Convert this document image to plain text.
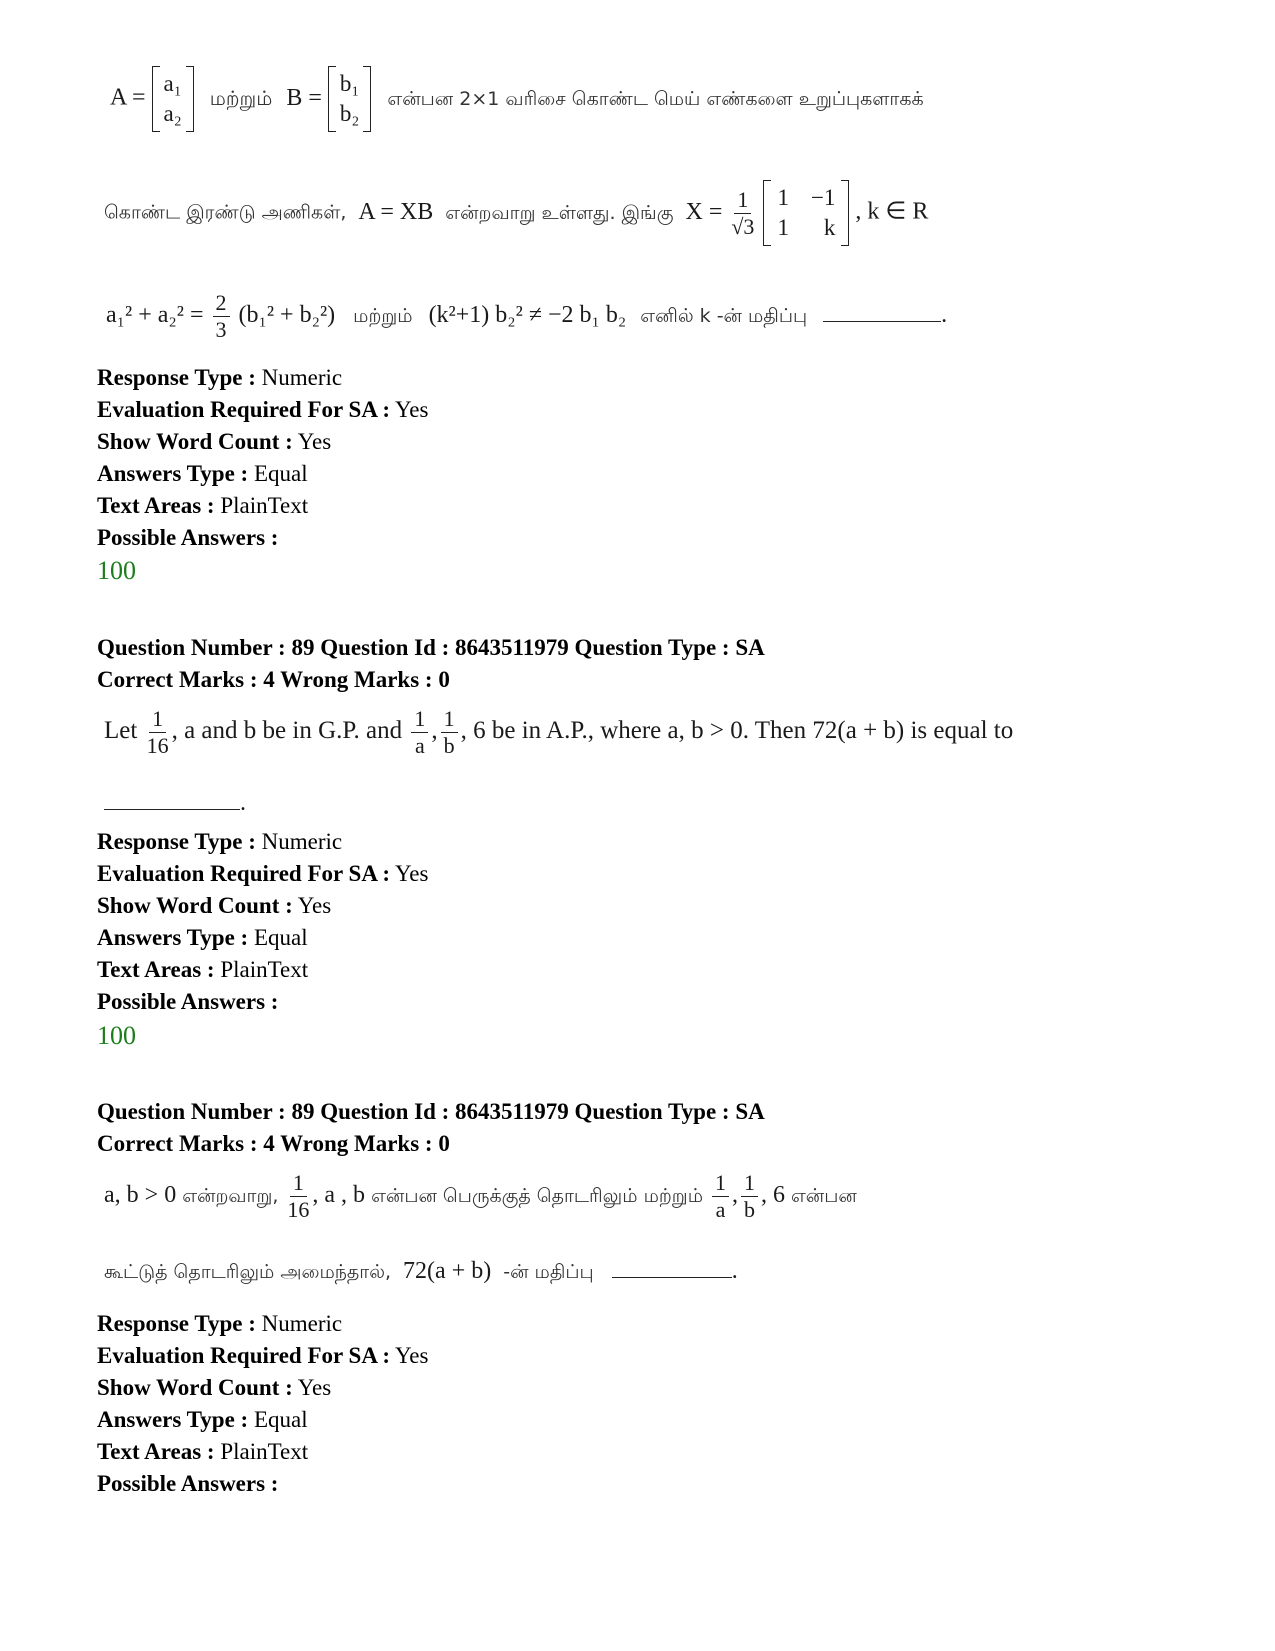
A =
a₁
a₂
மற்றும் B =
b₁
b₂
என்பன 2×1 வரிசை கொண்ட மெய் எண்களை உறுப்புகளாகக்
கொண்ட இரண்டு அணிகள், A = XB என்றவாறு உள்ளது. இங்கு $X = \frac{1}{√3}$
1 −1
1	k
, k ∈ R
$a_1^2 + a_2^2 = \frac{2}{3} (b_1^2 + b_2^2)$ மற்றும் (k²+1) b₂² ≠ −2 b₁ b₂ எனில் k -ன் மதிப்பு	.
Response Type : Numeric
Evaluation Required For SA : Yes
Show Word Count : Yes
Answers Type : Equal
Text Areas : PlainText
Possible Answers :
100
Question Number : 89 Question Id : 8643511979 Question Type : SA
Correct Marks : 4 Wrong Marks : 0
Let $\frac{1}{16}$ , a and b be in G.P. and $\frac{1}{a}$ , $\frac{1}{b}$ , 6 be in A.P., where a, b > 0. Then 72(a + b) is equal to
.
Response Type : Numeric
Evaluation Required For SA : Yes
Show Word Count : Yes
Answers Type : Equal
Text Areas : PlainText
Possible Answers :
100
Question Number : 89 Question Id : 8643511979 Question Type : SA
Correct Marks : 4 Wrong Marks : 0
a, b > 0 என்றவாறு, $\frac{1}{16}$ , a , b என்பன பெருக்குத் தொடரிலும் மற்றும் $\frac{1}{a}$ , $\frac{1}{b}$ , 6 என்பன
கூட்டுத் தொடரிலும் அமைந்தால், 72(a + b) -ன் மதிப்பு	.
Response Type : Numeric
Evaluation Required For SA : Yes
Show Word Count : Yes
Answers Type : Equal
Text Areas : PlainText
Possible Answers :
